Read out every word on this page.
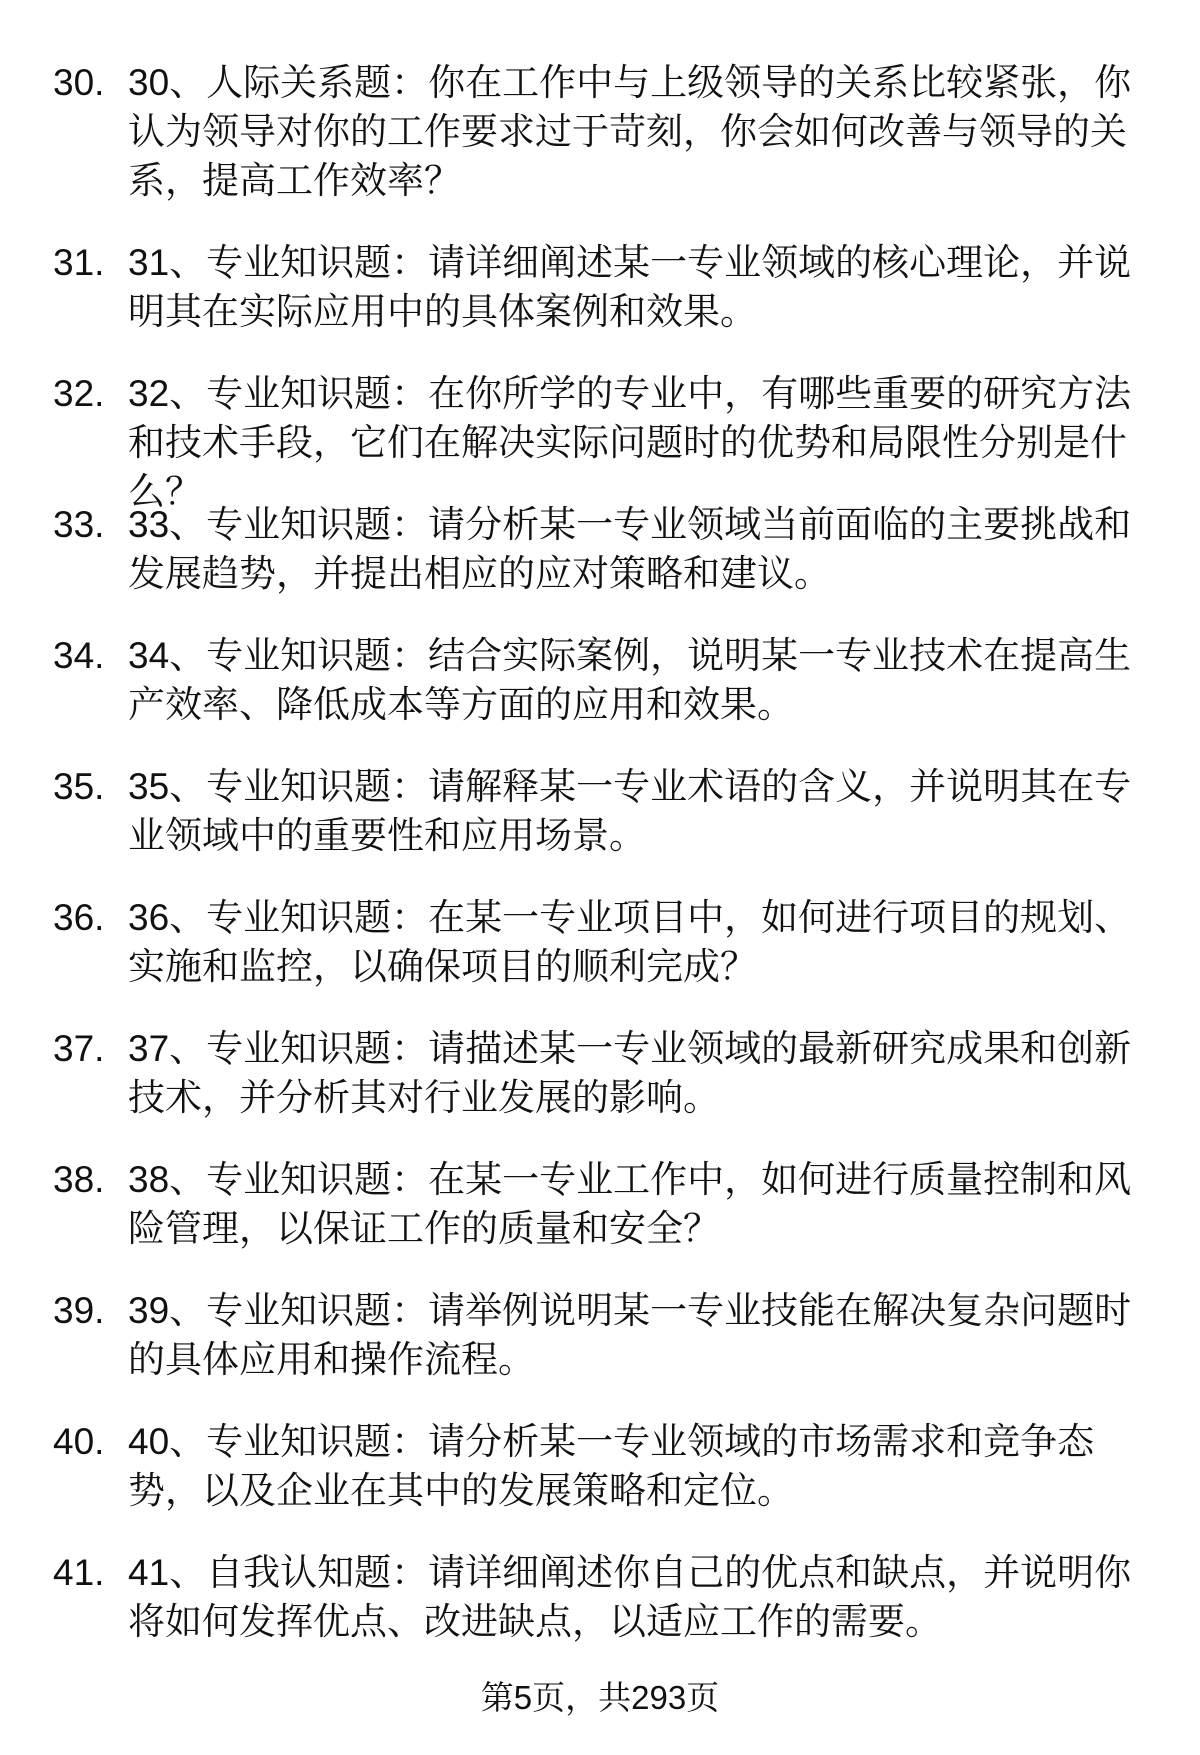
30. 30、人际关系题：你在工作中与上级领导的关系比较紧张，你认为领导对你的工作要求过于苛刻，你会如何改善与领导的关系，提高工作效率？
31. 31、专业知识题：请详细阐述某一专业领域的核心理论，并说明其在实际应用中的具体案例和效果。
32. 32、专业知识题：在你所学的专业中，有哪些重要的研究方法和技术手段，它们在解决实际问题时的优势和局限性分别是什么？
33. 33、专业知识题：请分析某一专业领域当前面临的主要挑战和发展趋势，并提出相应的应对策略和建议。
34. 34、专业知识题：结合实际案例，说明某一专业技术在提高生产效率、降低成本等方面的应用和效果。
35. 35、专业知识题：请解释某一专业术语的含义，并说明其在专业领域中的重要性和应用场景。
36. 36、专业知识题：在某一专业项目中，如何进行项目的规划、实施和监控，以确保项目的顺利完成？
37. 37、专业知识题：请描述某一专业领域的最新研究成果和创新技术，并分析其对行业发展的影响。
38. 38、专业知识题：在某一专业工作中，如何进行质量控制和风险管理，以保证工作的质量和安全？
39. 39、专业知识题：请举例说明某一专业技能在解决复杂问题时的具体应用和操作流程。
40. 40、专业知识题：请分析某一专业领域的市场需求和竞争态势，以及企业在其中的发展策略和定位。
41. 41、自我认知题：请详细阐述你自己的优点和缺点，并说明你将如何发挥优点、改进缺点，以适应工作的需要。
第5页，共293页
